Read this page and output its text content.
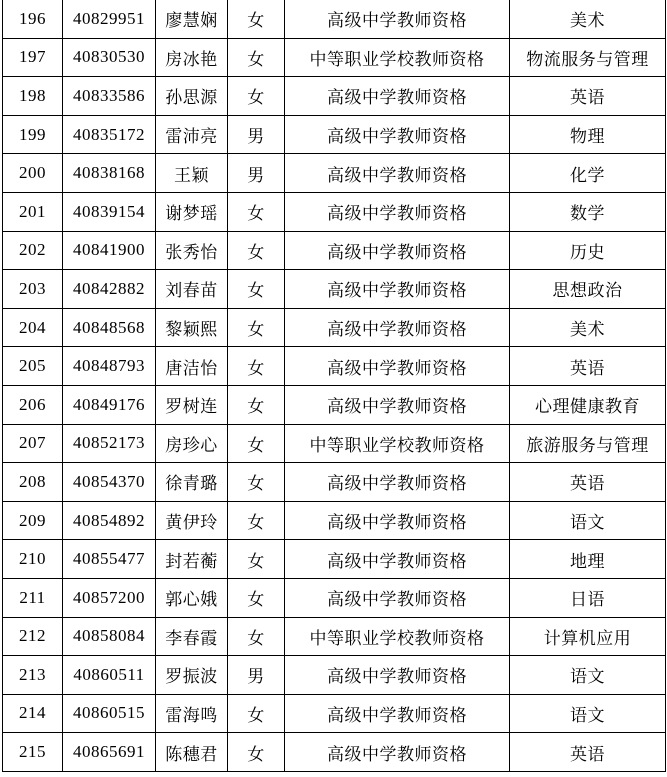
196	40829951	廖慧娴	女	高级中学教师资格	美术
197	40830530	房冰艳	女	中等职业学校教师资格	物流服务与管理
198	40833586	孙思源	女	高级中学教师资格	英语
199	40835172	雷沛亮	男	高级中学教师资格	物理
200	40838168	王颖	男	高级中学教师资格	化学
201	40839154	谢梦瑶	女	高级中学教师资格	数学
202	40841900	张秀怡	女	高级中学教师资格	历史
203	40842882	刘春苗	女	高级中学教师资格	思想政治
204	40848568	黎颖熙	女	高级中学教师资格	美术
205	40848793	唐洁怡	女	高级中学教师资格	英语
206	40849176	罗树连	女	高级中学教师资格	心理健康教育
207	40852173	房珍心	女	中等职业学校教师资格	旅游服务与管理
208	40854370	徐青璐	女	高级中学教师资格	英语
209	40854892	黄伊玲	女	高级中学教师资格	语文
210	40855477	封若蘅	女	高级中学教师资格	地理
211	40857200	郭心娥	女	高级中学教师资格	日语
212	40858084	李春霞	女	中等职业学校教师资格	计算机应用
213	40860511	罗振波	男	高级中学教师资格	语文
214	40860515	雷海鸣	女	高级中学教师资格	语文
215	40865691	陈穗君	女	高级中学教师资格	英语
